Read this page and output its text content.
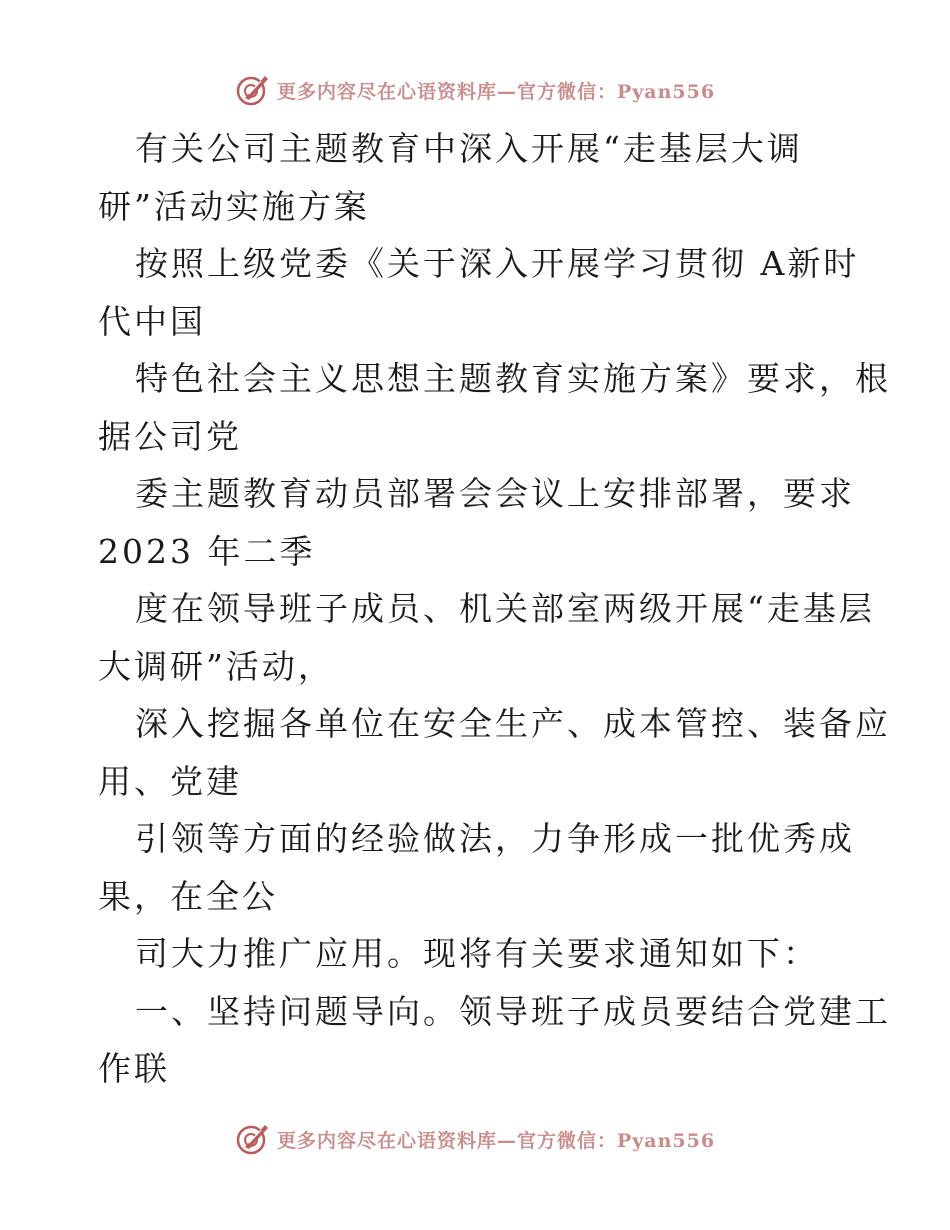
更多内容尽在心语资料库—官方微信：Pyan556
有关公司主题教育中深入开展“走基层大调
研”活动实施方案
按照上级党委《关于深入开展学习贯彻 A新时
代中国
特色社会主义思想主题教育实施方案》要求，根
据公司党
委主题教育动员部署会会议上安排部署，要求
2023 年二季
度在领导班子成员、机关部室两级开展“走基层
大调研”活动，
深入挖掘各单位在安全生产、成本管控、装备应
用、党建
引领等方面的经验做法，力争形成一批优秀成
果，在全公
司大力推广应用。现将有关要求通知如下：
一、坚持问题导向。领导班子成员要结合党建工
作联
更多内容尽在心语资料库—官方微信：Pyan556
